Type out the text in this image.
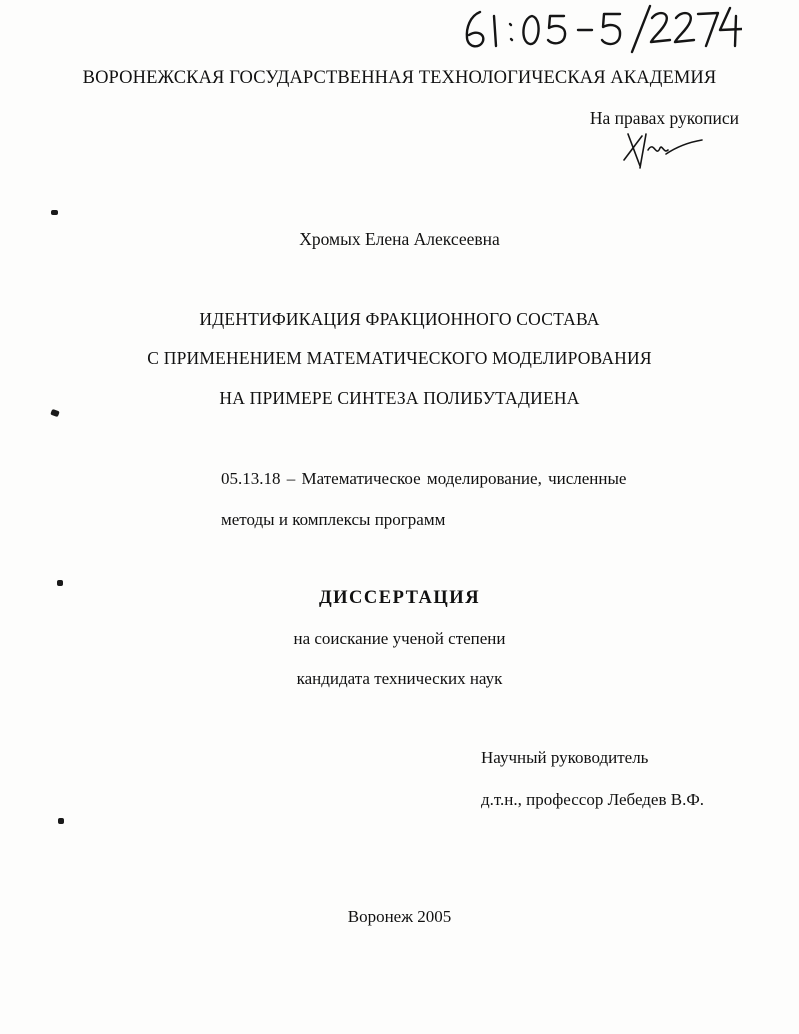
ВОРОНЕЖСКАЯ ГОСУДАРСТВЕННАЯ ТЕХНОЛОГИЧЕСКАЯ АКАДЕМИЯ
На правах рукописи
Хромых Елена Алексеевна
ИДЕНТИФИКАЦИЯ ФРАКЦИОННОГО СОСТАВА
С ПРИМЕНЕНИЕМ МАТЕМАТИЧЕСКОГО МОДЕЛИРОВАНИЯ
НА ПРИМЕРЕ СИНТЕЗА ПОЛИБУТАДИЕНА
05.13.18 – Математическое моделирование, численные
методы и комплексы программ
ДИССЕРТАЦИЯ
на соискание ученой степени
кандидата технических наук
Научный руководитель
д.т.н., профессор Лебедев В.Ф.
Воронеж 2005
